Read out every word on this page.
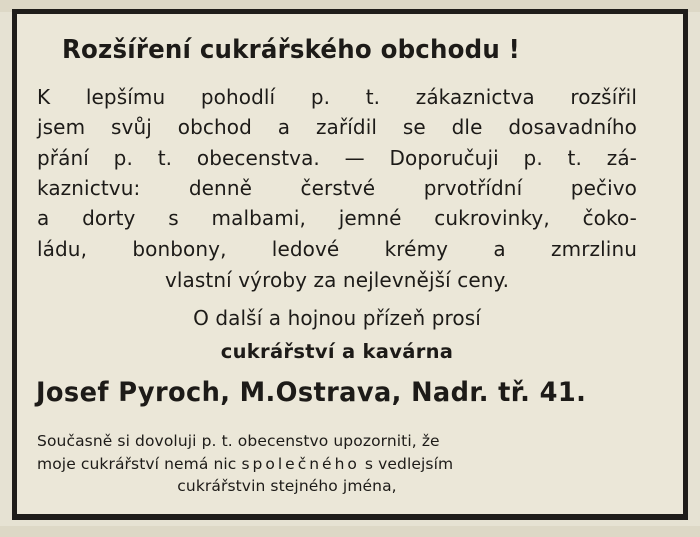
Rozšíření cukrářského obchodu !
K lepšímu pohodlí p. t. zákaznictva rozšířil
jsem svůj obchod a zařídil se dle dosavadního
přání p. t. obecenstva. — Doporučuji p. t. zá-
kaznictvu: denně čerstvé prvotřídní pečivo
a dorty s malbami, jemné cukrovinky, čoko-
ládu, bonbony, ledové krémy a zmrzlinu
vlastní výroby za nejlevnější ceny.
O další a hojnou přízeň prosí
cukrářství a kavárna
Josef Pyroch, M.Ostrava, Nadr. tř. 41.
Současně si dovoluji p. t. obecenstvo upozorniti, že
moje cukrářství nemá nic společného s vedlejsím
cukrářstvin stejného jména,
